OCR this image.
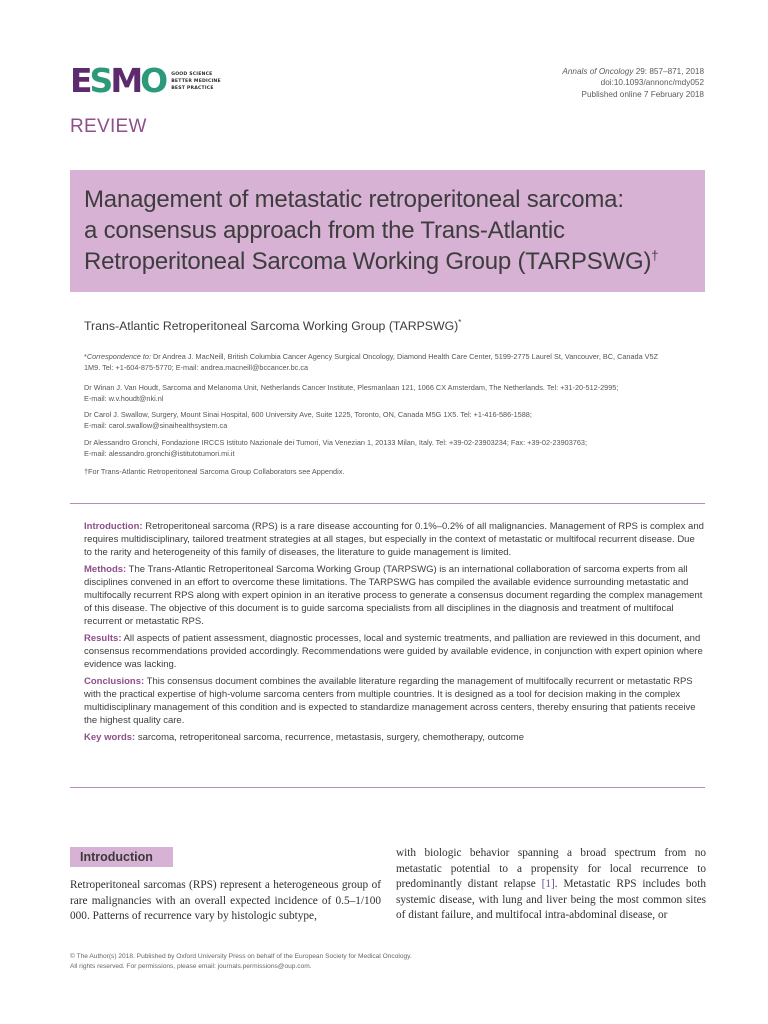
ESMO GOOD SCIENCE
BETTER MEDICINE
BEST PRACTICE
Annals of Oncology 29: 857–871, 2018
doi:10.1093/annonc/mdy052
Published online 7 February 2018
REVIEW
Management of metastatic retroperitoneal sarcoma:
a consensus approach from the Trans-Atlantic
Retroperitoneal Sarcoma Working Group (TARPSWG)†
Trans-Atlantic Retroperitoneal Sarcoma Working Group (TARPSWG)*
*Correspondence to: Dr Andrea J. MacNeill, British Columbia Cancer Agency Surgical Oncology, Diamond Health Care Center, 5199-2775 Laurel St, Vancouver, BC, Canada V5Z
1M9. Tel: +1-604-875-5770; E-mail: andrea.macneill@bccancer.bc.ca
Dr Winan J. Van Houdt, Sarcoma and Melanoma Unit, Netherlands Cancer Institute, Plesmanlaan 121, 1066 CX Amsterdam, The Netherlands. Tel: +31-20-512-2995;
E-mail: w.v.houdt@nki.nl
Dr Carol J. Swallow, Surgery, Mount Sinai Hospital, 600 University Ave, Suite 1225, Toronto, ON, Canada M5G 1X5. Tel: +1-416-586-1588;
E-mail: carol.swallow@sinaihealthsystem.ca
Dr Alessandro Gronchi, Fondazione IRCCS Istituto Nazionale dei Tumori, Via Venezian 1, 20133 Milan, Italy. Tel: +39-02-23903234; Fax: +39-02-23903763;
E-mail: alessandro.gronchi@istitutotumori.mi.it
†For Trans-Atlantic Retroperitoneal Sarcoma Group Collaborators see Appendix.

Introduction: Retroperitoneal sarcoma (RPS) is a rare disease accounting for 0.1%–0.2% of all malignancies. Management of RPS is complex and requires multidisciplinary, tailored treatment strategies at all stages, but especially in the context of metastatic or multifocal recurrent disease. Due to the rarity and heterogeneity of this family of diseases, the literature to guide management is limited.

Methods: The Trans-Atlantic Retroperitoneal Sarcoma Working Group (TARPSWG) is an international collaboration of sarcoma experts from all disciplines convened in an effort to overcome these limitations. The TARPSWG has compiled the available evidence surrounding metastatic and multifocally recurrent RPS along with expert opinion in an iterative process to generate a consensus document regarding the complex management of this disease. The objective of this document is to guide sarcoma specialists from all disciplines in the diagnosis and treatment of multifocal recurrent or metastatic RPS.

Results: All aspects of patient assessment, diagnostic processes, local and systemic treatments, and palliation are reviewed in this document, and consensus recommendations provided accordingly. Recommendations were guided by available evidence, in conjunction with expert opinion where evidence was lacking.

Conclusions: This consensus document combines the available literature regarding the management of multifocally recurrent or metastatic RPS with the practical expertise of high-volume sarcoma centers from multiple countries. It is designed as a tool for decision making in the complex multidisciplinary management of this condition and is expected to standardize management across centers, thereby ensuring that patients receive the highest quality care.

Key words: sarcoma, retroperitoneal sarcoma, recurrence, metastasis, surgery, chemotherapy, outcome

Introduction
Retroperitoneal sarcomas (RPS) represent a heterogeneous group of rare malignancies with an overall expected incidence of 0.5–1/100 000. Patterns of recurrence vary by histologic subtype,
with biologic behavior spanning a broad spectrum from no metastatic potential to a propensity for local recurrence to predominantly distant relapse [1]. Metastatic RPS includes both systemic disease, with lung and liver being the most common sites of distant failure, and multifocal intra-abdominal disease, or
© The Author(s) 2018. Published by Oxford University Press on behalf of the European Society for Medical Oncology.
All rights reserved. For permissions, please email: journals.permissions@oup.com.
